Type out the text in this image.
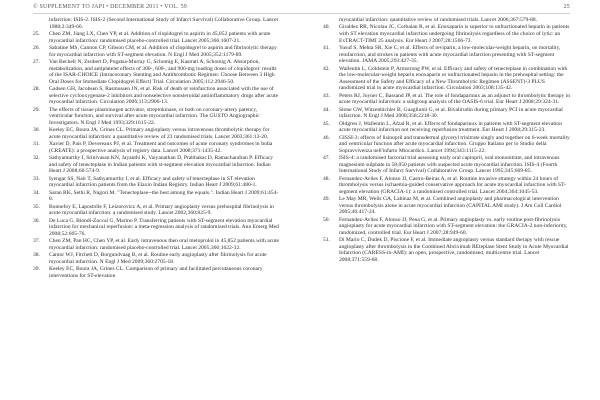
© SUPPLEMENT TO JAPI • DECEMBER 2011 • VOL. 59	25
infarction: ISIS-2. ISIS-2 (Second International Study of Infarct Survival) Collaborative Group. Lancet 1988;2:349-60.
25.	Chen ZM, Jiang LX, Chen YP, et al. Addition of clopidogrel to aspirin in 45,852 patients with acute myocardial infarction: randomised placebo-controlled trial. Lancet 2005;366:1607-21.
26.	Sabatine MS, Cannon CP, Gibson CM, et al. Addition of clopidogrel to aspirin and fibrinolytic therapy for myocardial infarction with ST-segment elevation. N Engl J Med 2005;352:1179-89.
27.	Van Beckelt N, Zeubert D, Pogatsa-Murray G, Schomig E, Kastrati A, Schomig A. Absorption, metabolization, and antiplatelet effects of 300-, 600-, and 900-mg loading doses of clopidogrel: results of the ISAR-CHOICE (Intracoronary Stenting and Antithrombotic Regimen: Choose Between 3 High Oral Doses for Immediate Clopidogrel Effect) Trial. Circulation 2005;112:2946-50.
28.	Gadsen GH, Jacobsen S, Rasmussen JN, et al. Risk of death or reinfarction associated with the use of selective cyclooxygenase-2 inhibitors and nonselective nonsteroidal antiinflammatory drugs after acute myocardial infarction. Circulation 2006;113:2906-13.
29.	The effects of tissue plasminogen activator, streptokinase, or both on coronary-artery patency, ventricular function, and survival after acute myocardial infarction. The GUSTO Angiographic Investigators. N Engl J Med 1993;329:1615-22.
30.	Keeley EC, Boura JA, Grines CL. Primary angioplasty versus intravenous thrombolytic therapy for acute myocardial infarction: a quantitative review of 23 randomised trials. Lancet 2003;361:13-20.
31.	Xavier D, Pais P, Devereaux PJ, et al. Treatment and outcomes of acute coronary syndromes in India (CREATE): a prospective analysis of registry data. Lancet 2008;371:1435-42.
32.	Sathyamurthy I, Srinivasan KN, Jayanthi K, Vaiyanathan D, Prabhakar D, Ramachandran P. Efficacy and safety of tenecteplase in Indian patients with st-segment elevation myocardial infarction. Indian Heart J 2008;60:574-9.
33.	Iyengar SS, Nair T, Sathyamurthy I, et al. Efficacy and safety of tenecteplase in ST elevation myocardial infarction patients from the Elaxin Indian Registry. Indian Heart J 2009;61:480-1.
34.	Saran RK, Sethi R, Nagori M. "Tenecteplase--the best among the equals.". Indian Heart J 2009;61:454-8.
35.	Bonnefoy E, Lapostolle F, Leizorovicz A, et al. Primary angioplasty versus prehospital fibrinolysis in acute myocardial infarction: a randomised study. Lancet 2002;360:825-9.
36.	De Luca G, Biondi-Zoccai G, Marino P. Transferring patients with ST-segment elevation myocardial infarction for mechanical reperfusion: a meta-regression analysis of randomized trials. Ann Emerg Med 2008;52:665-76.
37.	Chen ZM, Pan HC, Chen YP, et al. Early intravenous then oral metoprolol in 45,852 patients with acute myocardial infarction: randomised placebo-controlled trial. Lancet 2005;366:1622-32.
38.	Cantor WJ, Fitchett D, Borgundvaag B, et al. Routine early angioplasty after fibrinolysis for acute myocardial infarction. N Engl J Med 2009;360:2705-18.
39.	Keeley EC, Boura JA, Grines CL. Comparison of primary and facilitated percutaneous coronary interventions for ST-elevation
myocardial infarction: quantitative review of randomised trials. Lancet 2006;367:579-88.
40.	Giraldez RR, Nicolau JC, Corbalan R, et al. Enoxaparin is superior to unfractionated heparin in patients with ST elevation myocardial infarction undergoing fibrinolysis regardless of the choice of lytic: an ExTRACT-TIMI 25 analysis. Eur Heart J 2007;28:1566-73.
41.	Yusuf S, Mehta SR, Xie C, et al. Effects of reviparin, a low-molecular-weight heparin, on mortality, reinfarction, and strokes in patients with acute myocardial infarction presenting with ST-segment elevation. JAMA 2005;293:427-35.
42.	Wallentin L, Goldstein P, Armstrong PW, et al. Efficacy and safety of tenecteplase in combination with the low-molecular-weight heparin enoxaparin or unfractionated heparin in the prehospital setting: the Assessment of the Safety and Efficacy of a New Thrombolytic Regimen (ASSENT)-3 PLUS randomized trial in acute myocardial infarction. Circulation 2003;108:135-42.
43.	Peters RJ, Joyner C, Bassand JP, et al. The role of fondaparinux as an adjunct to thrombolytic therapy in acute myocardial infarction: a subgroup analysis of the OASIS-6 trial. Eur Heart J 2008;29:324-31.
44.	Stone GW, Witzenbichler B, Guagliumi G, et al. Bivalirudin during primary PCI in acute myocardial infarction. N Engl J Med 2008;358:2218-30.
45.	Oldgren J, Wallentin L, Afzal R, et al. Effects of fondaparinux in patients with ST-segment elevation acute myocardial infarction not receiving reperfusion treatment. Eur Heart J 2008;29:315-23.
46.	GISSI-3: effects of lisinopril and transdermal glyceryl trinitrate singly and together on 6-week mortality and ventricular function after acute myocardial infarction. Gruppo Italiano per lo Studio della Sopravvivenza nell'infarto Miocardico. Lancet 1994;343:1115-22.
47.	ISIS-4: a randomised factorial trial assessing early oral captopril, oral mononitrate, and intravenous magnesium sulphate in 58,050 patients with suspected acute myocardial infarction. ISIS-4 (Fourth International Study of Infarct Survival) Collaborative Group. Lancet 1995;345:669-85.
48.	Fernandez-Aviles F, Alonso JJ, Castro-Beiras A, et al. Routine invasive strategy within 24 hours of thrombolysis versus ischaemia-guided conservative approach for acute myocardial infarction with ST-segment elevation (GRACIA-1): a randomised controlled trial. Lancet 2004;364:1045-53.
49.	Le May MR, Wells GA, Labinaz M, et al. Combined angioplasty and pharmacological intervention versus thrombolysis alone in acute myocardial infarction (CAPITAL AMI study). J Am Coll Cardiol 2005;46:417-24.
50.	Fernandez-Aviles F, Alonso JJ, Pena G, et al. Primary angioplasty vs. early routine post-fibrinolysis angioplasty for acute myocardial infarction with ST-segment elevation: the GRACIA-2 non-inferiority, randomized, controlled trial. Eur Heart J 2007;28:949-60.
51.	Di Mario C, Dudek D, Piscione F, et al. Immediate angioplasty versus standard therapy with rescue angioplasty after thrombolysis in the Combined Abciximab REteplase Stent Study in Acute Myocardial Infarction (CARESS-in-AMI): an open, prospective, randomised, multicentre trial. Lancet 2008;371:559-68.
